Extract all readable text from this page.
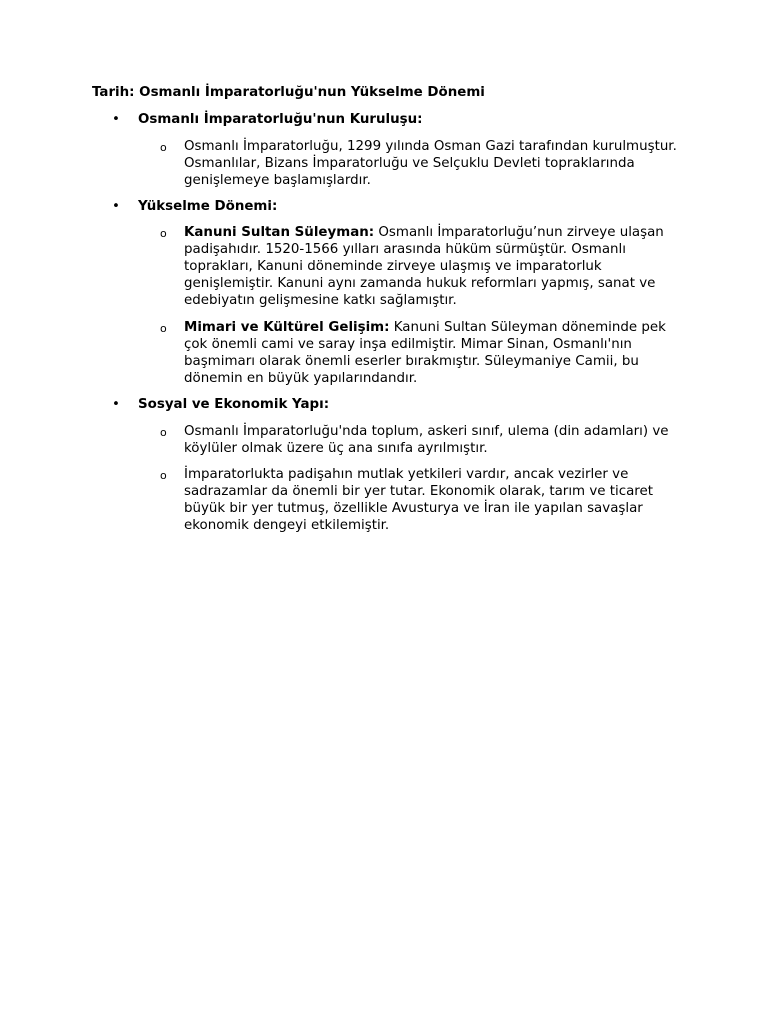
Tarih: Osmanlı İmparatorluğu'nun Yükselme Dönemi
•	Osmanlı İmparatorluğu'nun Kuruluşu:
o Osmanlı İmparatorluğu, 1299 yılında Osman Gazi tarafından kurulmuştur. Osmanlılar, Bizans İmparatorluğu ve Selçuklu Devleti topraklarında genişlemeye başlamışlardır.
•	Yükselme Dönemi:
o Kanuni Sultan Süleyman: Osmanlı İmparatorluğu’nun zirveye ulaşan padişahıdır. 1520-1566 yılları arasında hüküm sürmüştür. Osmanlı toprakları, Kanuni döneminde zirveye ulaşmış ve imparatorluk genişlemiştir. Kanuni aynı zamanda hukuk reformları yapmış, sanat ve edebiyatın gelişmesine katkı sağlamıştır.
o Mimari ve Kültürel Gelişim: Kanuni Sultan Süleyman döneminde pek çok önemli cami ve saray inşa edilmiştir. Mimar Sinan, Osmanlı'nın başmimarı olarak önemli eserler bırakmıştır. Süleymaniye Camii, bu dönemin en büyük yapılarındandır.
•	Sosyal ve Ekonomik Yapı:
o Osmanlı İmparatorluğu'nda toplum, askeri sınıf, ulema (din adamları) ve köylüler olmak üzere üç ana sınıfa ayrılmıştır.
o İmparatorlukta padişahın mutlak yetkileri vardır, ancak vezirler ve sadrazamlar da önemli bir yer tutar. Ekonomik olarak, tarım ve ticaret büyük bir yer tutmuş, özellikle Avusturya ve İran ile yapılan savaşlar ekonomik dengeyi etkilemiştir.
